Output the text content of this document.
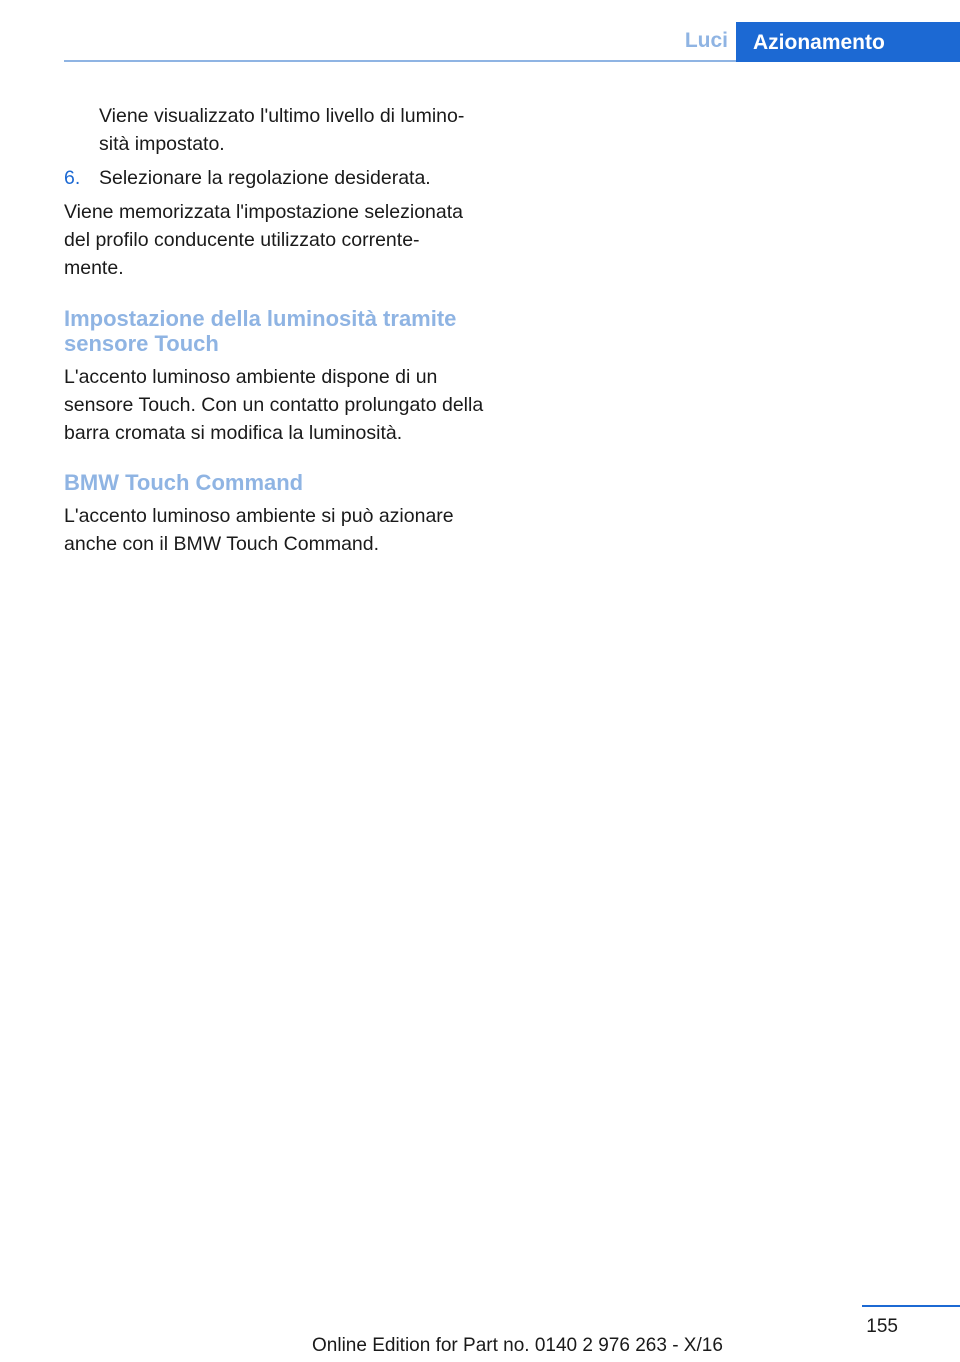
Luci	Azionamento

Viene visualizzato l'ultimo livello di lumino-
sità impostato.

6. Selezionare la regolazione desiderata.

Viene memorizzata l'impostazione selezionata del profilo conducente utilizzato corrente-
mente.

Impostazione della luminosità tramite sensore Touch

L'accento luminoso ambiente dispone di un sensore Touch. Con un contatto prolungato della barra cromata si modifica la luminosità.

BMW Touch Command

L'accento luminoso ambiente si può azionare anche con il BMW Touch Command.

155
Online Edition for Part no. 0140 2 976 263 - X/16
